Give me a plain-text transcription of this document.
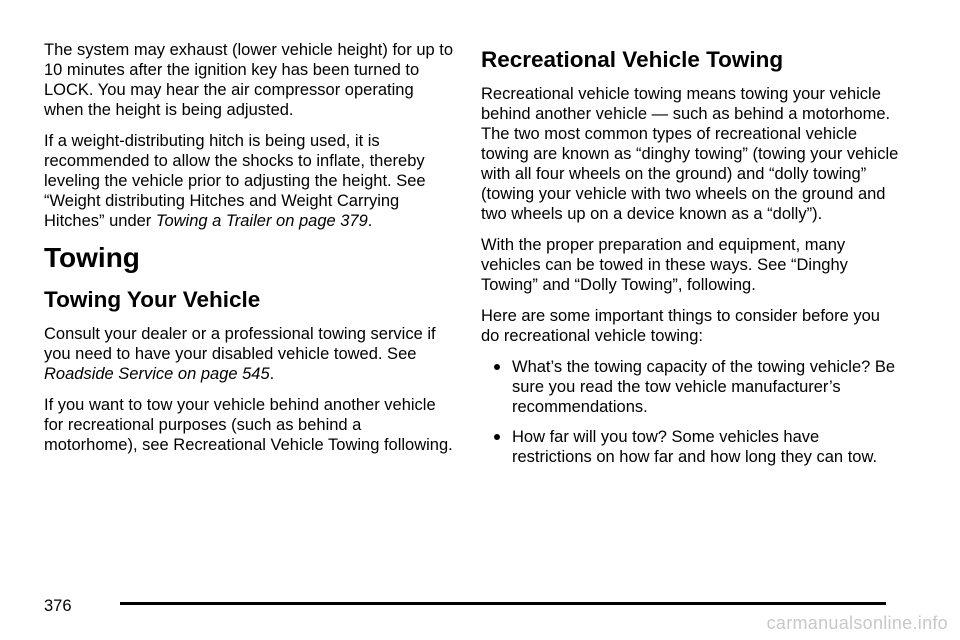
The system may exhaust (lower vehicle height) for up to 10 minutes after the ignition key has been turned to LOCK. You may hear the air compressor operating when the height is being adjusted.

If a weight-distributing hitch is being used, it is recommended to allow the shocks to inflate, thereby leveling the vehicle prior to adjusting the height. See “Weight distributing Hitches and Weight Carrying Hitches” under Towing a Trailer on page 379.

Towing
Towing Your Vehicle

Consult your dealer or a professional towing service if you need to have your disabled vehicle towed. See Roadside Service on page 545.

If you want to tow your vehicle behind another vehicle for recreational purposes (such as behind a motorhome), see Recreational Vehicle Towing following.

Recreational Vehicle Towing

Recreational vehicle towing means towing your vehicle behind another vehicle — such as behind a motorhome. The two most common types of recreational vehicle towing are known as “dinghy towing” (towing your vehicle with all four wheels on the ground) and “dolly towing” (towing your vehicle with two wheels on the ground and two wheels up on a device known as a “dolly”).

With the proper preparation and equipment, many vehicles can be towed in these ways. See “Dinghy Towing” and “Dolly Towing”, following.

Here are some important things to consider before you do recreational vehicle towing:

What’s the towing capacity of the towing vehicle? Be sure you read the tow vehicle manufacturer’s recommendations.
How far will you tow? Some vehicles have restrictions on how far and how long they can tow.
376
carmanualsonline.info
